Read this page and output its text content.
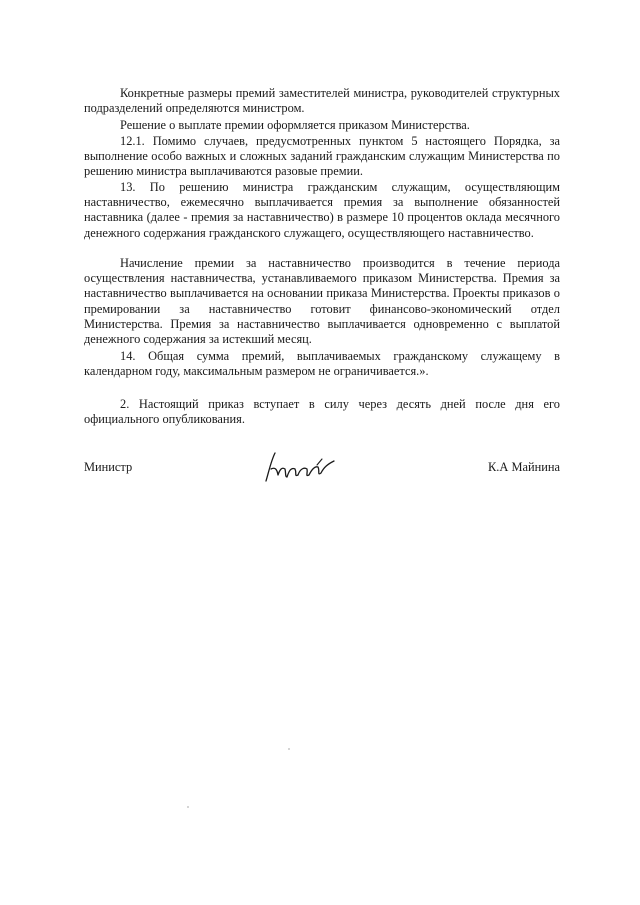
Конкретные размеры премий заместителей министра, руководителей структурных подразделений определяются министром.

Решение о выплате премии оформляется приказом Министерства.

12.1. Помимо случаев, предусмотренных пунктом 5 настоящего Порядка, за выполнение особо важных и сложных заданий гражданским служащим Министерства по решению министра выплачиваются разовые премии.

13. По решению министра гражданским служащим, осуществляющим наставничество, ежемесячно выплачивается премия за выполнение обязанностей наставника (далее - премия за наставничество) в размере 10 процентов оклада месячного денежного содержания гражданского служащего, осуществляющего наставничество.

Начисление премии за наставничество производится в течение периода осуществления наставничества, устанавливаемого приказом Министерства. Премия за наставничество выплачивается на основании приказа Министерства. Проекты приказов о премировании за наставничество готовит финансово-экономический отдел Министерства. Премия за наставничество выплачивается одновременно с выплатой денежного содержания за истекший месяц.

14. Общая сумма премий, выплачиваемых гражданскому служащему в календарном году, максимальным размером не ограничивается.».

2. Настоящий приказ вступает в силу через десять дней после дня его официального опубликования.

Министр	К.А Майнина
